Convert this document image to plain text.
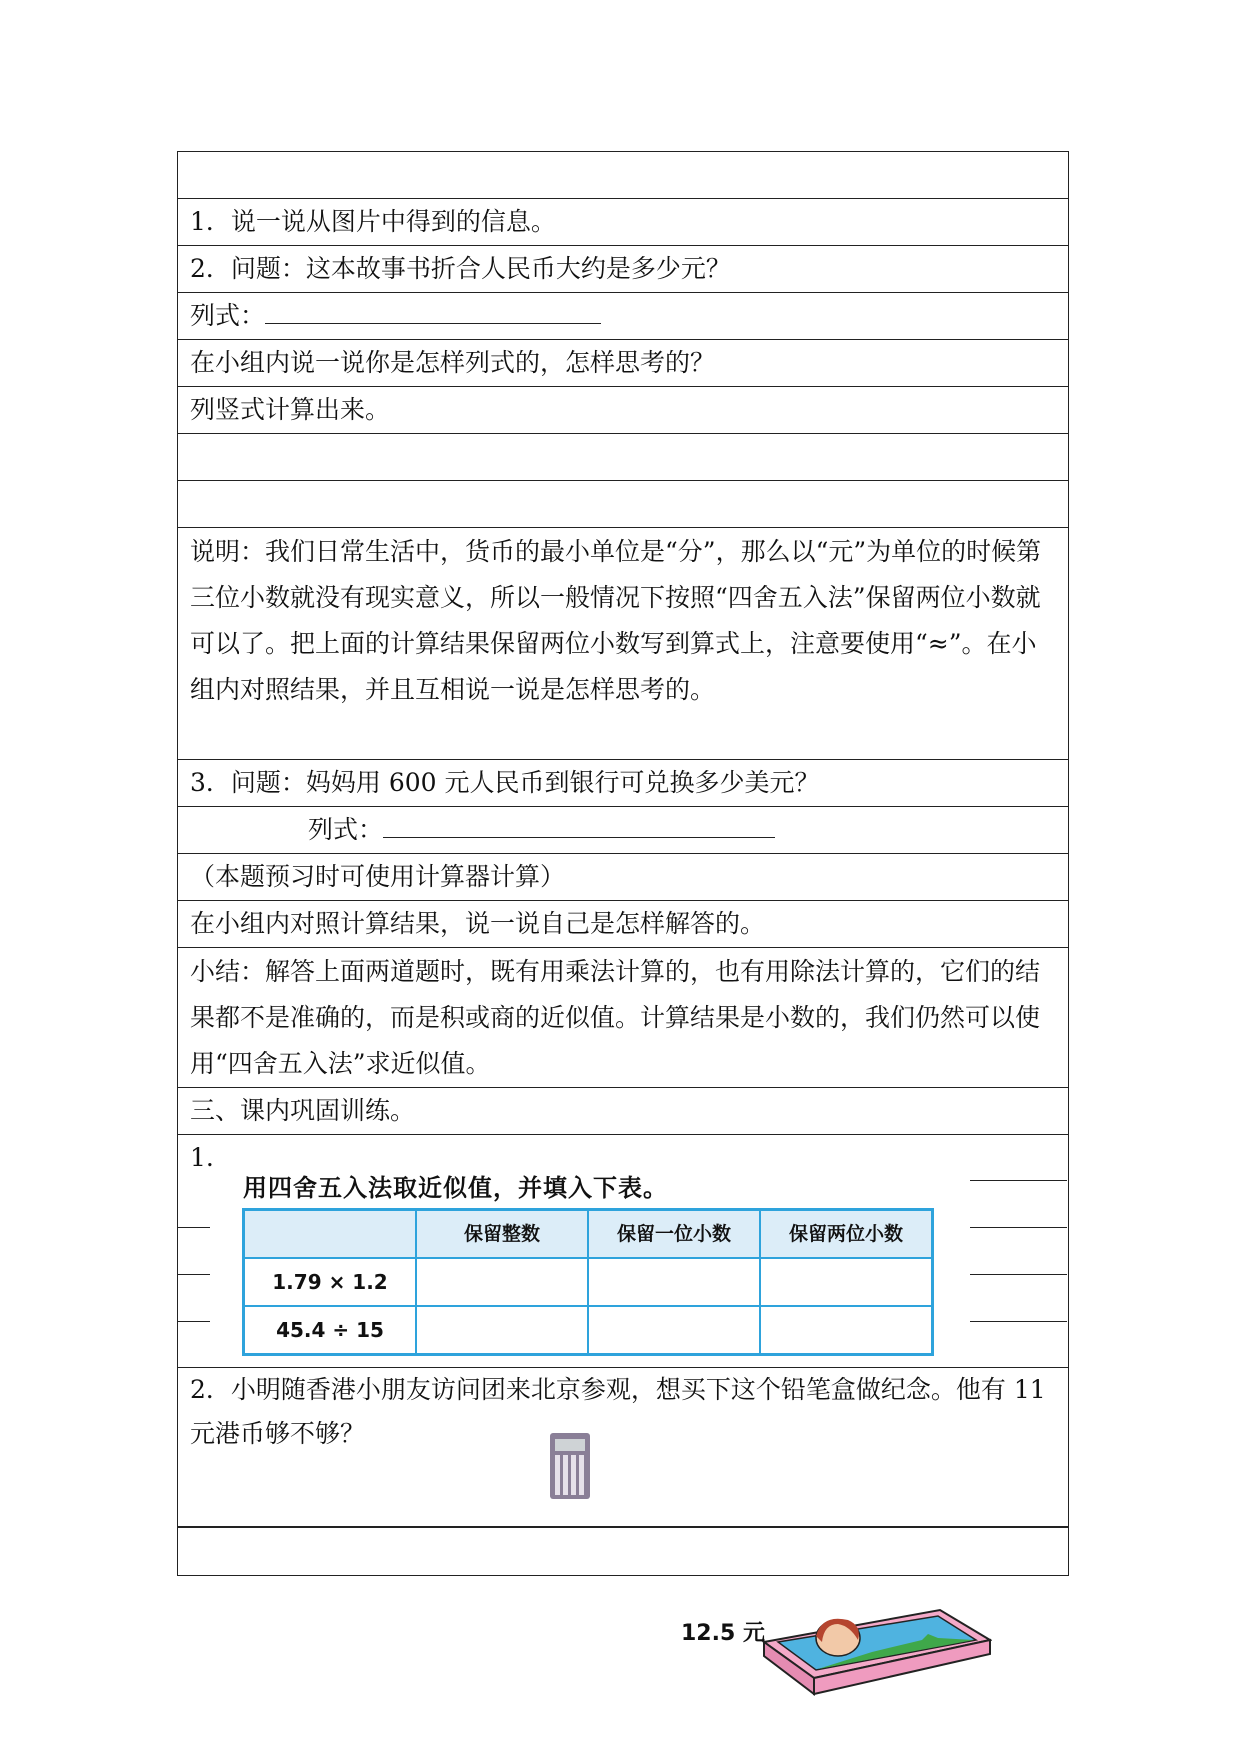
1．说一说从图片中得到的信息。
2．问题：这本故事书折合人民币大约是多少元？
列式：
在小组内说一说你是怎样列式的，怎样思考的？
列竖式计算出来。
说明：我们日常生活中，货币的最小单位是“分”，那么以“元”为单位的时候第三位小数就没有现实意义，所以一般情况下按照“四舍五入法”保留两位小数就可以了。把上面的计算结果保留两位小数写到算式上，注意要使用“≈”。在小组内对照结果，并且互相说一说是怎样思考的。
3．问题：妈妈用 600 元人民币到银行可兑换多少美元？
列式：
（本题预习时可使用计算器计算）
在小组内对照计算结果，说一说自己是怎样解答的。
小结：解答上面两道题时，既有用乘法计算的，也有用除法计算的，它们的结果都不是准确的，而是积或商的近似值。计算结果是小数的，我们仍然可以使用“四舍五入法”求近似值。
三、课内巩固训练。
1.
用四舍五入法取近似值，并填入下表。
	保留整数	保留一位小数	保留两位小数
1.79 × 1.2			
45.4 ÷ 15			
2．小明随香港小朋友访问团来北京参观，想买下这个铅笔盒做纪念。他有 11 元港币够不够？
12.5 元
